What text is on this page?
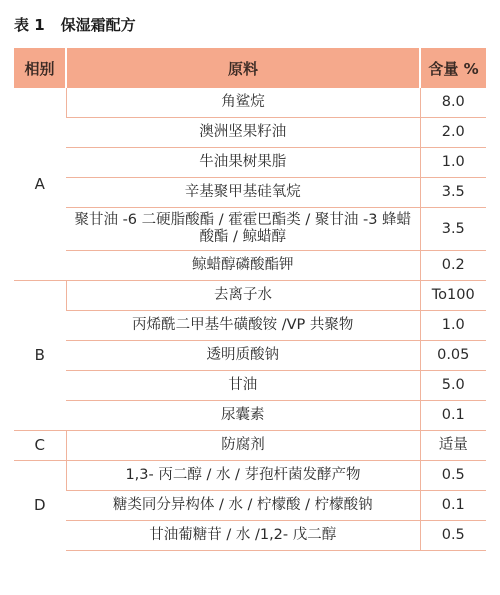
表 1 保湿霜配方
相别	原料	含量 %
A	角鲨烷	8.0
	澳洲坚果籽油	2.0
	牛油果树果脂	1.0
	辛基聚甲基硅氧烷	3.5
	聚甘油 -6 二硬脂酸酯 / 霍霍巴酯类 / 聚甘油 -3 蜂蜡酸酯 / 鲸蜡醇	3.5
	鲸蜡醇磷酸酯钾	0.2
B	去离子水	To100
	丙烯酰二甲基牛磺酸铵 /VP 共聚物	1.0
	透明质酸钠	0.05
	甘油	5.0
	尿囊素	0.1
C	防腐剂	适量
D	1,3- 丙二醇 / 水 / 芽孢杆菌发酵产物	0.5
	糖类同分异构体 / 水 / 柠檬酸 / 柠檬酸钠	0.1
	甘油葡糖苷 / 水 /1,2- 戊二醇	0.5
